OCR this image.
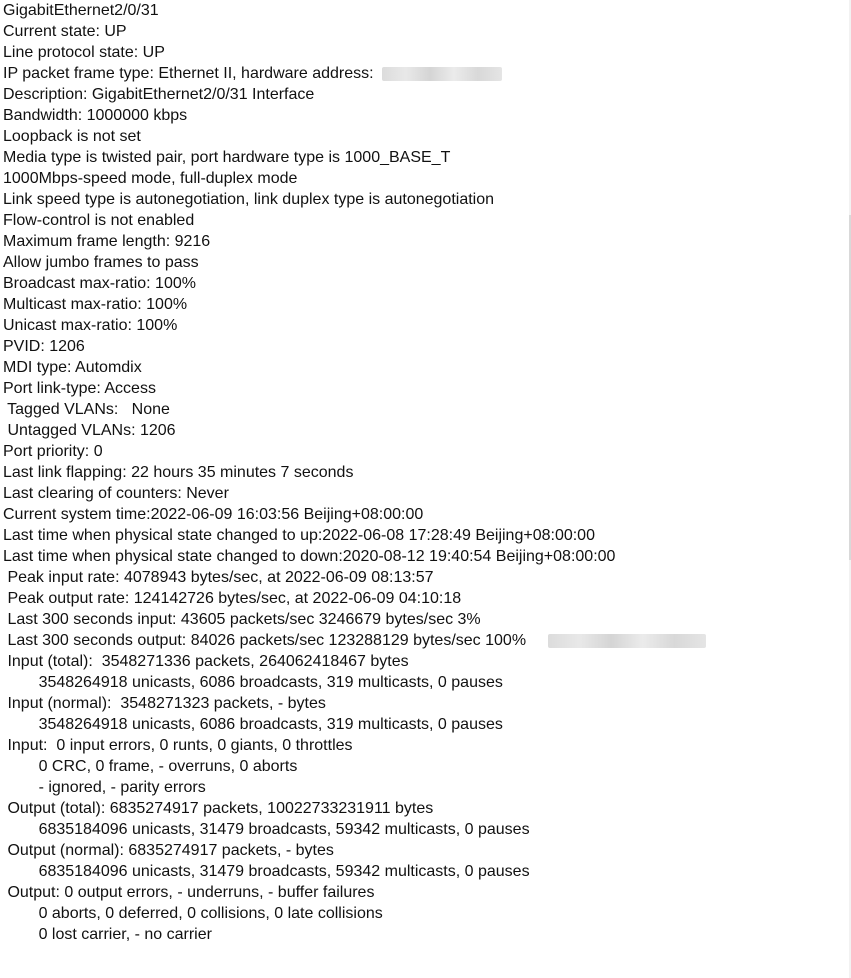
GigabitEthernet2/0/31
Current state: UP
Line protocol state: UP
IP packet frame type: Ethernet II, hardware address:
Description: GigabitEthernet2/0/31 Interface
Bandwidth: 1000000 kbps
Loopback is not set
Media type is twisted pair, port hardware type is 1000_BASE_T
1000Mbps-speed mode, full-duplex mode
Link speed type is autonegotiation, link duplex type is autonegotiation
Flow-control is not enabled
Maximum frame length: 9216
Allow jumbo frames to pass
Broadcast max-ratio: 100%
Multicast max-ratio: 100%
Unicast max-ratio: 100%
PVID: 1206
MDI type: Automdix
Port link-type: Access
Tagged VLANs:   None
Untagged VLANs: 1206
Port priority: 0
Last link flapping: 22 hours 35 minutes 7 seconds
Last clearing of counters: Never
Current system time:2022-06-09 16:03:56 Beijing+08:00:00
Last time when physical state changed to up:2022-06-08 17:28:49 Beijing+08:00:00
Last time when physical state changed to down:2020-08-12 19:40:54 Beijing+08:00:00
Peak input rate: 4078943 bytes/sec, at 2022-06-09 08:13:57
Peak output rate: 124142726 bytes/sec, at 2022-06-09 04:10:18
Last 300 seconds input: 43605 packets/sec 3246679 bytes/sec 3%
Last 300 seconds output: 84026 packets/sec 123288129 bytes/sec 100%
Input (total):  3548271336 packets, 264062418467 bytes
3548264918 unicasts, 6086 broadcasts, 319 multicasts, 0 pauses
Input (normal):  3548271323 packets, - bytes
3548264918 unicasts, 6086 broadcasts, 319 multicasts, 0 pauses
Input:  0 input errors, 0 runts, 0 giants, 0 throttles
0 CRC, 0 frame, - overruns, 0 aborts
- ignored, - parity errors
Output (total): 6835274917 packets, 10022733231911 bytes
6835184096 unicasts, 31479 broadcasts, 59342 multicasts, 0 pauses
Output (normal): 6835274917 packets, - bytes
6835184096 unicasts, 31479 broadcasts, 59342 multicasts, 0 pauses
Output: 0 output errors, - underruns, - buffer failures
0 aborts, 0 deferred, 0 collisions, 0 late collisions
0 lost carrier, - no carrier
